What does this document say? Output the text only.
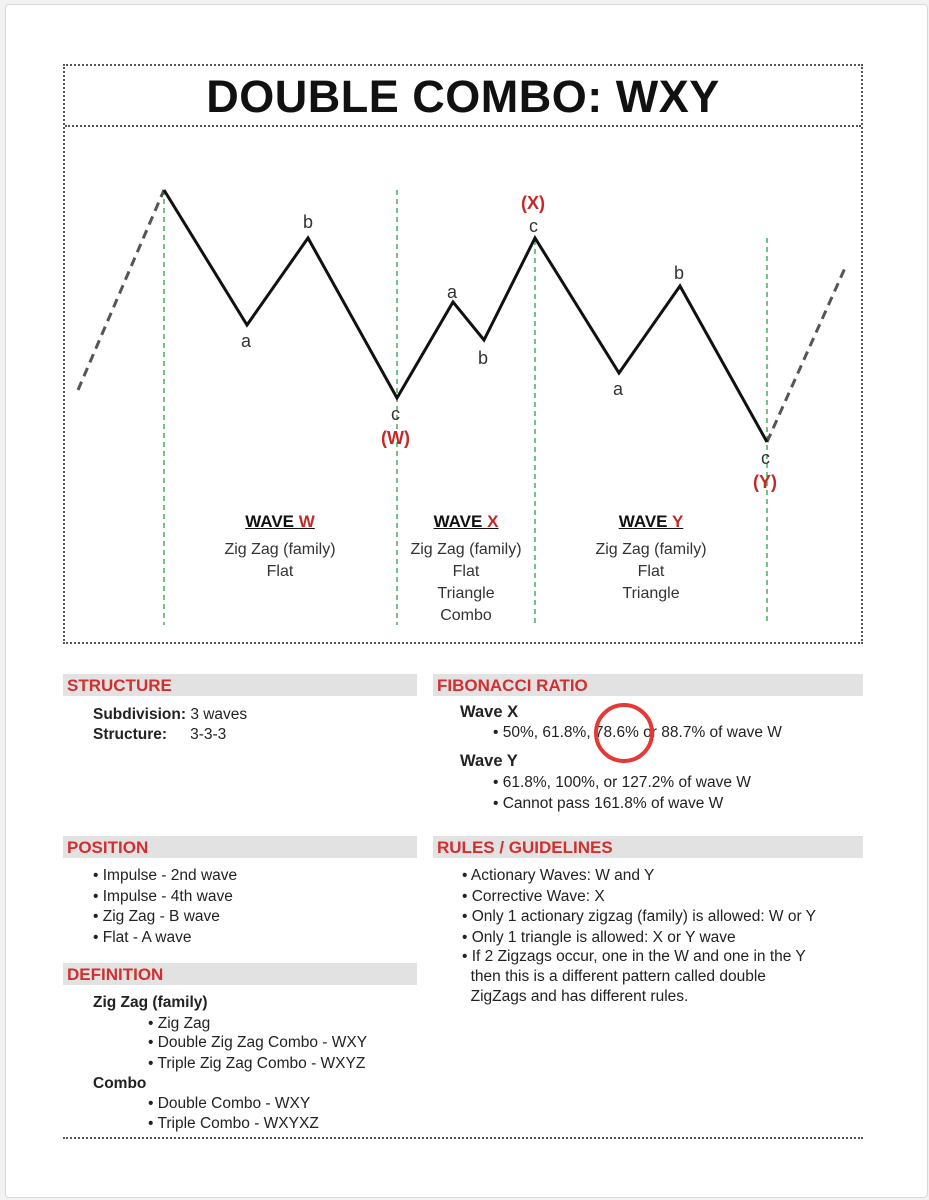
DOUBLE COMBO: WXY
a
b
c
(W)
a
b
c
(X)
a
b
c
(Y)
WAVE W
Zig Zag (family)
Flat
WAVE X
Zig Zag (family)
Flat
Triangle
Combo
WAVE Y
Zig Zag (family)
Flat
Triangle
STRUCTURE
Subdivision: 3 waves
Structure: 3-3-3
FIBONACCI RATIO
Wave X
• 50%, 61.8%, 78.6% or 88.7% of wave W
Wave Y
• 61.8%, 100%, or 127.2% of wave W
• Cannot pass 161.8% of wave W
POSITION
• Impulse - 2nd wave
• Impulse - 4th wave
• Zig Zag - B wave
• Flat - A wave
RULES / GUIDELINES
• Actionary Waves: W and Y
• Corrective Wave: X
• Only 1 actionary zigzag (family) is allowed: W or Y
• Only 1 triangle is allowed: X or Y wave
• If 2 Zigzags occur, one in the W and one in the Y
then this is a different pattern called double
ZigZags and has different rules.
DEFINITION
Zig Zag (family)
• Zig Zag
• Double Zig Zag Combo - WXY
• Triple Zig Zag Combo - WXYZ
Combo
• Double Combo - WXY
• Triple Combo - WXYXZ
